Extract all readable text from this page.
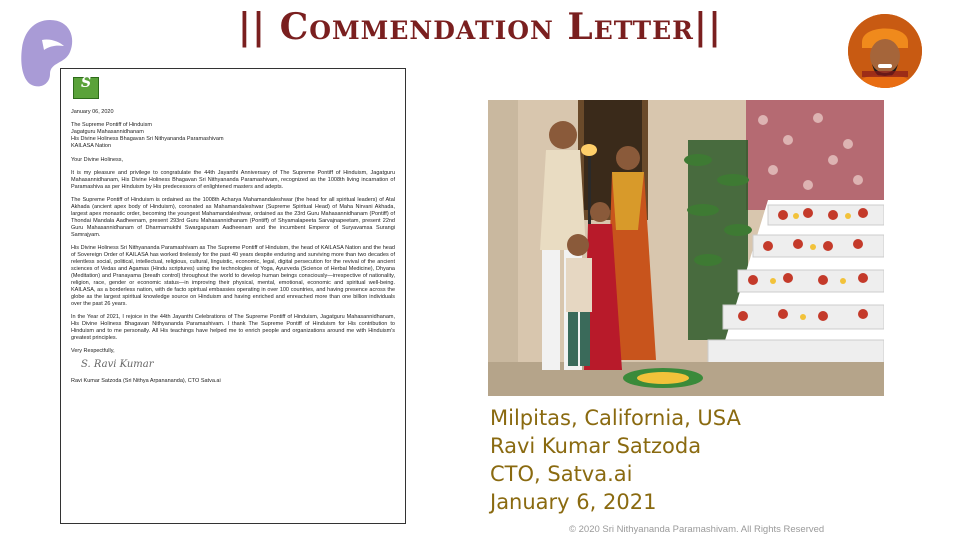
|| Commendation Letter||
S

January 06, 2020

The Supreme Pontiff of Hinduism

Jagatguru Mahasannidhanam

His Divine Holiness Bhagavan Sri Nithyananda Paramashivam

KAILASA Nation

Your Divine Holiness,

It is my pleasure and privilege to congratulate the 44th Jayanthi Anniversary of The Supreme Pontiff of Hinduism, Jagatguru Mahasannidhanam, His Divine Holiness Bhagavan Sri Nithyananda Paramashivam, recognized as the 1008th living incarnation of Paramashiva as per Hinduism by His predecessors of enlightened masters and adepts.

The Supreme Pontiff of Hinduism is ordained as the 1008th Acharya Mahamandaleshwar (the head for all spiritual leaders) of Atal Akhada (ancient apex body of Hinduism), coronated as Mahamandaleshwar (Supreme Spiritual Head) of Maha Nirvani Akhada, largest apex monastic order, becoming the youngest Mahamandaleshwar, ordained as the 23rd Guru Mahasannidhanam (Pontiff) of Thondai Mandala Aadheenam, present 293rd Guru Mahasannidhanam (Pontiff) of Shyamalapeeta Sarvajnapeetam, present 22nd Guru Mahasannidhanam of Dharmamukthi Swargapuram Aadheenam and the incumbent Emperor of Suryavamsa Surangi Samrajyam.

His Divine Holiness Sri Nithyananda Paramashivam as The Supreme Pontiff of Hinduism, the head of KAILASA Nation and the head of Sovereign Order of KAILASA has worked tirelessly for the past 40 years despite enduring and surviving more than two decades of relentless social, political, intellectual, religious, cultural, linguistic, economic, legal, digital persecution for the revival of the ancient sciences of Vedas and Agamas (Hindu scriptures) using the technologies of Yoga, Ayurveda (Science of Herbal Medicine), Dhyana (Meditation) and Pranayama (breath control) throughout the world to develop human beings consciously—irrespective of nationality, religion, race, gender or economic status—in improving their physical, mental, emotional, economic and spiritual well-being. KAILASA, as a borderless nation, with de facto spiritual embassies operating in over 100 countries, and having presence across the globe as the largest spiritual knowledge source on Hinduism and having enriched and enreached more than one billion individuals over the past 26 years.

In the Year of 2021, I rejoice in the 44th Jayanthi Celebrations of The Supreme Pontiff of Hinduism, Jagatguru Mahasannidhanam, His Divine Holiness Bhagavan Nithyananda Paramashivam. I thank The Supreme Pontiff of Hinduism for His contribution to Hinduism and to me personally. All His teachings have helped me to enrich people and organizations around me with Hinduism's greatest principles.

Very Respectfully,

S. Ravi Kumar

Ravi Kumar Satzoda (Sri Nithya Arpanananda), CTO Satva.ai

Milpitas, California, USA
Ravi Kumar Satzoda
CTO, Satva.ai
January 6, 2021
© 2020 Sri Nithyananda Paramashivam. All Rights Reserved
